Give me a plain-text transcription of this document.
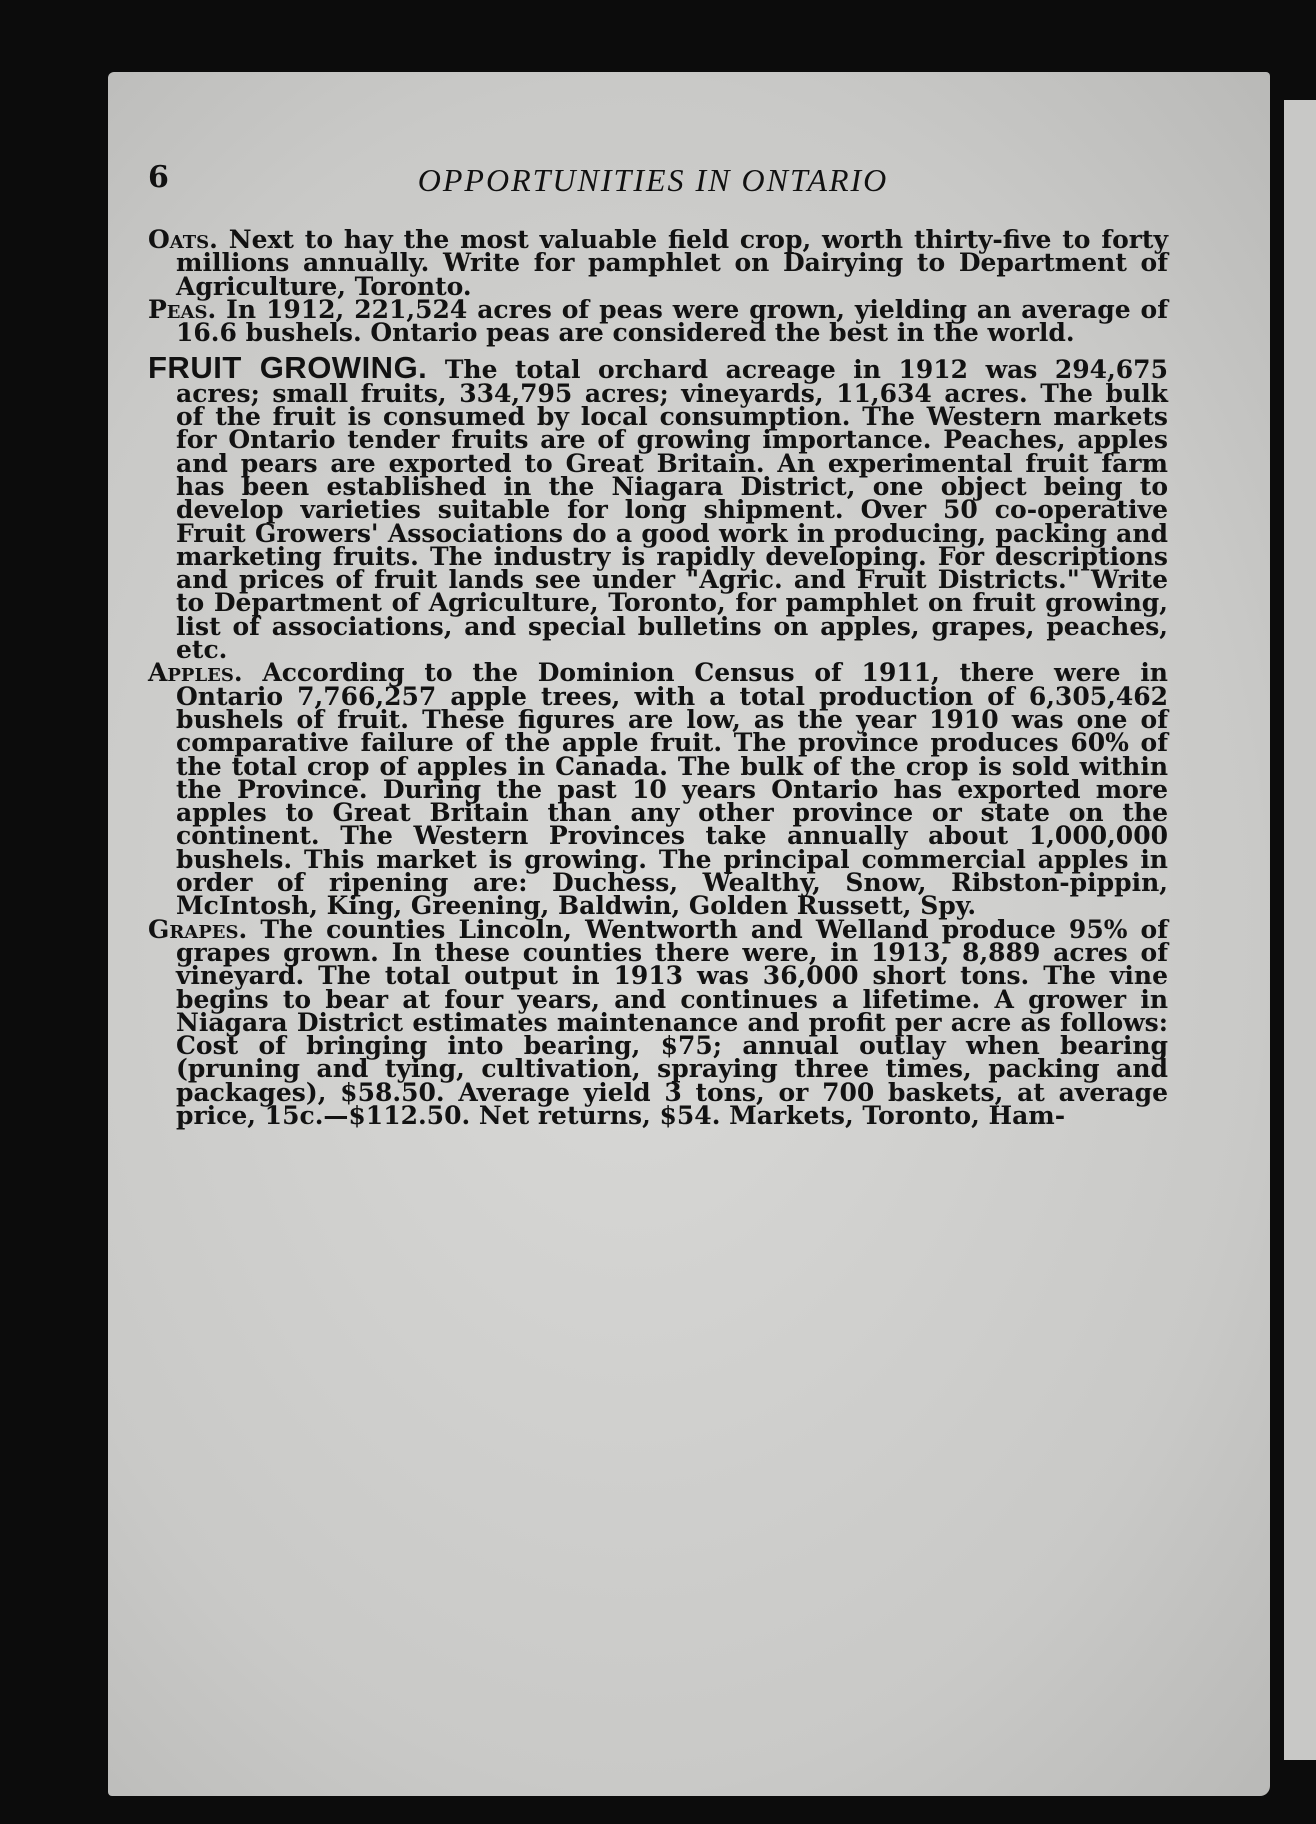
6	OPPORTUNITIES IN ONTARIO

Oats. Next to hay the most valuable field crop, worth thirty-five to forty millions annually. Write for pamphlet on Dairying to Department of Agriculture, Toronto.

Peas. In 1912, 221,524 acres of peas were grown, yielding an average of 16.6 bushels. Ontario peas are considered the best in the world.

FRUIT GROWING. The total orchard acreage in 1912 was 294,675 acres; small fruits, 334,795 acres; vineyards, 11,634 acres. The bulk of the fruit is consumed by local consumption. The Western markets for Ontario tender fruits are of growing importance. Peaches, apples and pears are exported to Great Britain. An experimental fruit farm has been established in the Niagara District, one object being to develop varieties suitable for long shipment. Over 50 co-operative Fruit Growers' Associations do a good work in producing, packing and marketing fruits. The industry is rapidly developing. For descriptions and prices of fruit lands see under "Agric. and Fruit Districts." Write to Department of Agriculture, Toronto, for pamphlet on fruit growing, list of associations, and special bulletins on apples, grapes, peaches, etc.

Apples. According to the Dominion Census of 1911, there were in Ontario 7,766,257 apple trees, with a total production of 6,305,462 bushels of fruit. These figures are low, as the year 1910 was one of comparative failure of the apple fruit. The province produces 60% of the total crop of apples in Canada. The bulk of the crop is sold within the Province. During the past 10 years Ontario has exported more apples to Great Britain than any other province or state on the continent. The Western Provinces take annually about 1,000,000 bushels. This market is growing. The principal commercial apples in order of ripening are: Duchess, Wealthy, Snow, Ribston-pippin, McIntosh, King, Greening, Baldwin, Golden Russett, Spy.

Grapes. The counties Lincoln, Wentworth and Welland produce 95% of grapes grown. In these counties there were, in 1913, 8,889 acres of vineyard. The total output in 1913 was 36,000 short tons. The vine begins to bear at four years, and continues a lifetime. A grower in Niagara District estimates maintenance and profit per acre as follows: Cost of bringing into bearing, $75; annual outlay when bearing (pruning and tying, cultivation, spraying three times, packing and packages), $58.50. Average yield 3 tons, or 700 baskets, at average price, 15c.—$112.50. Net returns, $54. Markets, Toronto, Ham-
